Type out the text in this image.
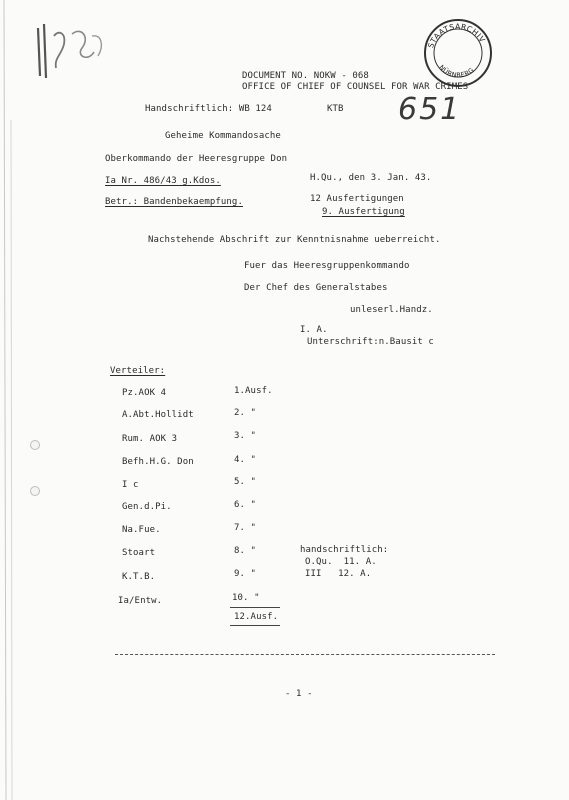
STAATSARCHIV
NÜRNBERG
DOCUMENT NO. NOKW - 068
OFFICE OF CHIEF OF COUNSEL FOR WAR CRIMES
651
Handschriftlich: WB 124	KTB
Geheime Kommandosache
Oberkommando der Heeresgruppe Don
Ia Nr. 486/43 g.Kdos.	H.Qu., den 3. Jan. 43.
Betr.: Bandenbekaempfung.	12 Ausfertigungen
9. Ausfertigung
Nachstehende Abschrift zur Kenntnisnahme ueberreicht.
Fuer das Heeresgruppenkommando
Der Chef des Generalstabes
unleserl.Handz.
I. A.
Unterschrift:n.Bausit c
Verteiler:
Pz.AOK 4	1.Ausf.
A.Abt.Hollidt	2. "
Rum. AOK 3	3. "
Befh.H.G. Don	4. "
I c	5. "
Gen.d.Pi.	6. "
Na.Fue.	7. "
Stoart	8. "
K.T.B.	9. "
Ia/Entw.	10. "
12.Ausf.
handschriftlich:
O.Qu.  11. A.
III   12. A.
- 1 -
